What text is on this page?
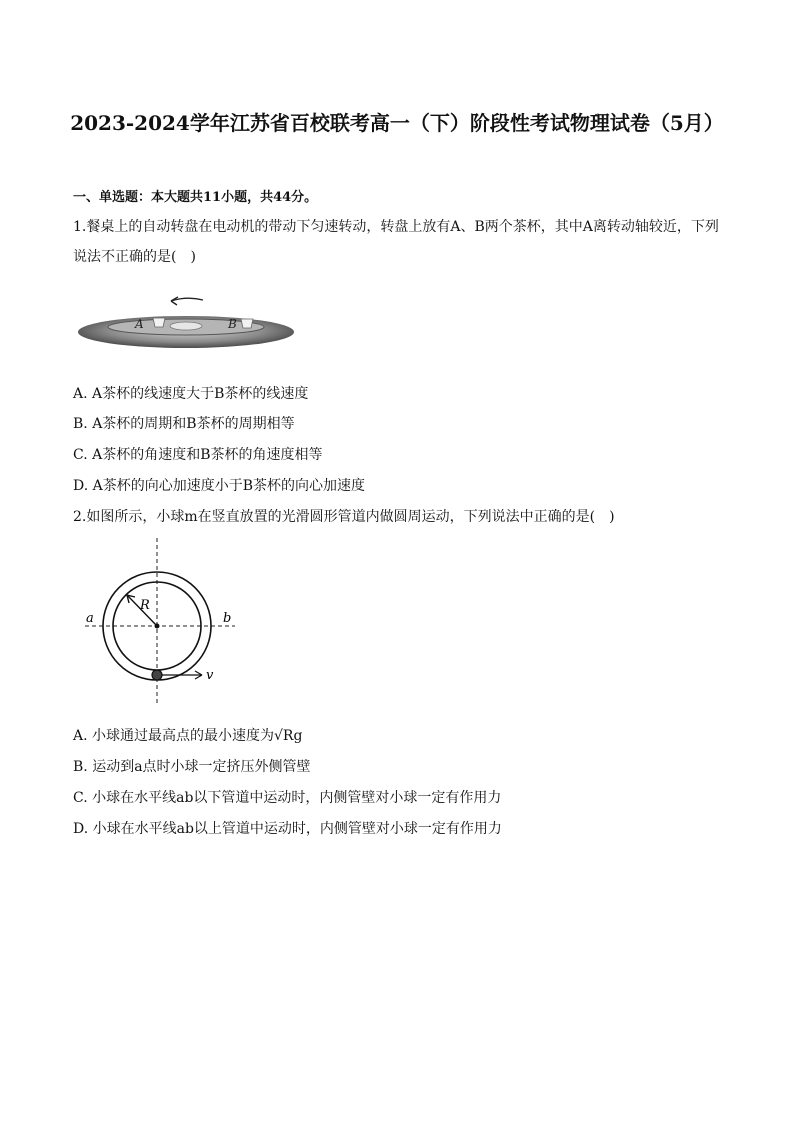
2023-2024学年江苏省百校联考高一（下）阶段性考试物理试卷（5月）
一、单选题：本大题共11小题，共44分。
1.餐桌上的自动转盘在电动机的带动下匀速转动，转盘上放有A、B两个茶杯，其中A离转动轴较近，下列说法不正确的是(　)
A	B
A. A茶杯的线速度大于B茶杯的线速度
B. A茶杯的周期和B茶杯的周期相等
C. A茶杯的角速度和B茶杯的角速度相等
D. A茶杯的向心加速度小于B茶杯的向心加速度
2.如图所示，小球m在竖直放置的光滑圆形管道内做圆周运动，下列说法中正确的是(　)
a	b
R
v
A. 小球通过最高点的最小速度为√Rg
B. 运动到a点时小球一定挤压外侧管壁
C. 小球在水平线ab以下管道中运动时，内侧管壁对小球一定有作用力
D. 小球在水平线ab以上管道中运动时，内侧管壁对小球一定有作用力
